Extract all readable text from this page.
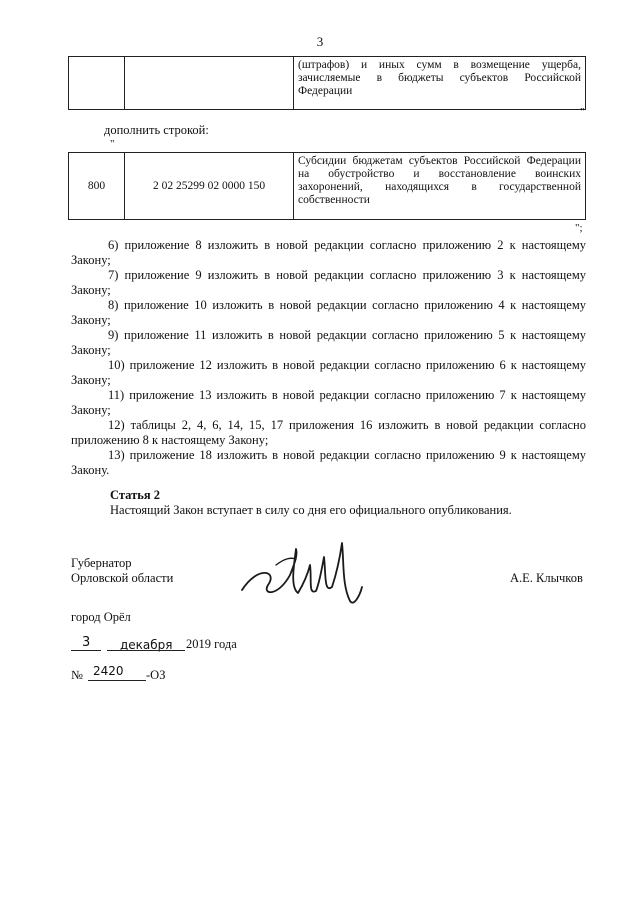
3
		(штрафов) и иных сумм в возмещение ущерба, зачисляемые в бюджеты субъектов Российской Федерации
"
дополнить строкой:
"
800	2 02 25299 02 0000 150	Субсидии бюджетам субъектов Российской Федерации на обустройство и восстановление воинских захоронений, находящихся в государственной собственности
";
6) приложение 8 изложить в новой редакции согласно приложению 2 к настоящему Закону;
7) приложение 9 изложить в новой редакции согласно приложению 3 к настоящему Закону;
8) приложение 10 изложить в новой редакции согласно приложению 4 к настоящему Закону;
9) приложение 11 изложить в новой редакции согласно приложению 5 к настоящему Закону;
10) приложение 12 изложить в новой редакции согласно приложению 6 к настоящему Закону;
11) приложение 13 изложить в новой редакции согласно приложению 7 к настоящему Закону;
12) таблицы 2, 4, 6, 14, 15, 17 приложения 16 изложить в новой редакции согласно приложению 8 к настоящему Закону;
13) приложение 18 изложить в новой редакции согласно приложению 9 к настоящему Закону.
Статья 2
Настоящий Закон вступает в силу со дня его официального опубликования.
Губернатор
Орловской области	А.Е. Клычков
город Орёл
3 декабря 2019 года
№ 2420 -ОЗ
